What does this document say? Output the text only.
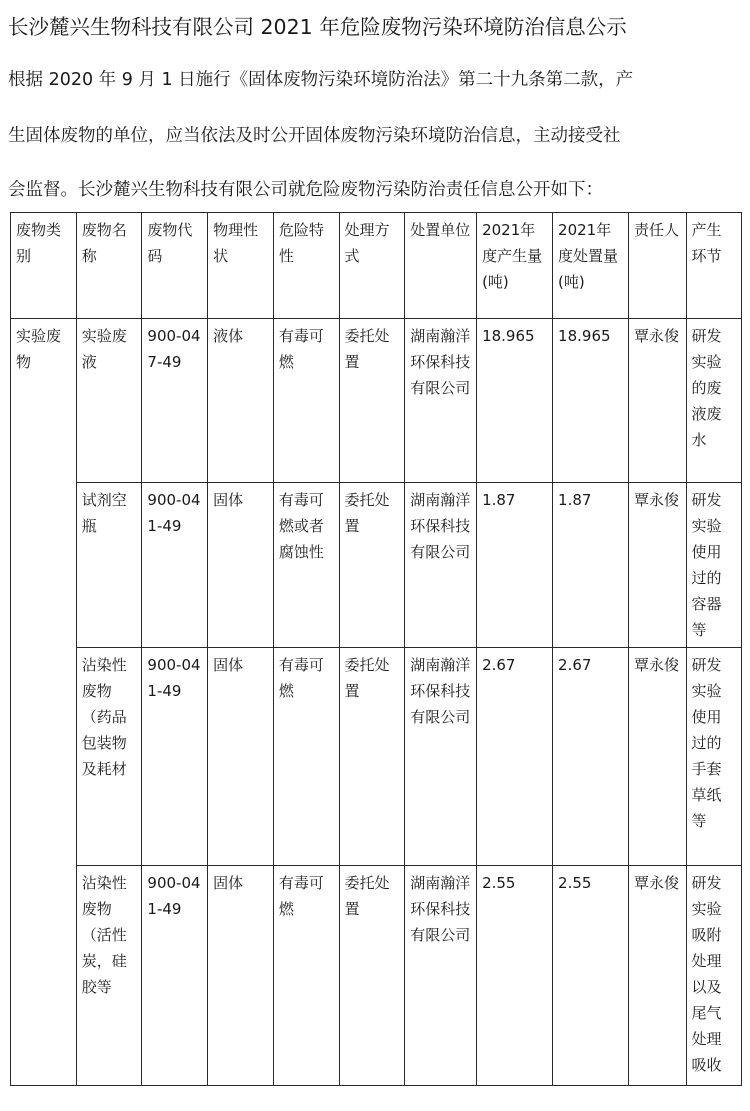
长沙麓兴生物科技有限公司 2021 年危险废物污染环境防治信息公示
根据 2020 年 9 月 1 日施行《固体废物污染环境防治法》第二十九条第二款，产
生固体废物的单位，应当依法及时公开固体废物污染环境防治信息，主动接受社
会监督。长沙麓兴生物科技有限公司就危险废物污染防治责任信息公开如下：
废物类别	废物名称	废物代码	物理性状	危险特性	处理方式	处置单位	2021年度产生量(吨)	2021年度处置量(吨)	责任人	产生环节
实验废物	实验废液	900-047-49	液体	有毒可燃	委托处置	湖南瀚洋环保科技有限公司	18.965	18.965	覃永俊	研发实验的废液废水
	试剂空瓶	900-041-49	固体	有毒可燃或者腐蚀性	委托处置	湖南瀚洋环保科技有限公司	1.87	1.87	覃永俊	研发实验使用过的容器等
	沾染性废物（药品包装物及耗材	900-041-49	固体	有毒可燃	委托处置	湖南瀚洋环保科技有限公司	2.67	2.67	覃永俊	研发实验使用过的手套草纸等
	沾染性废物（活性炭，硅胶等	900-041-49	固体	有毒可燃	委托处置	湖南瀚洋环保科技有限公司	2.55	2.55	覃永俊	研发实验吸附处理以及尾气处理吸收
